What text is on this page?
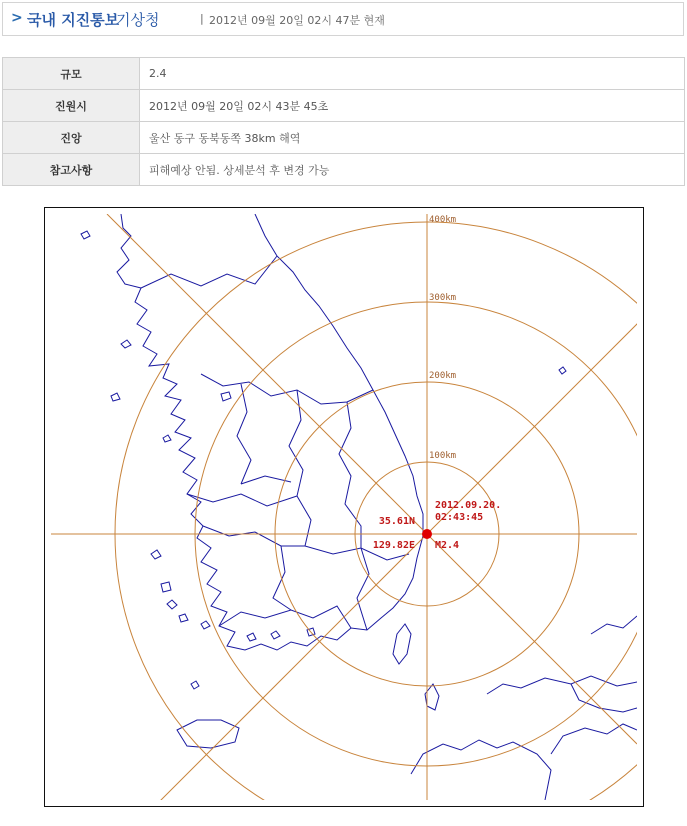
> 국내 지진통보
기상청	| 2012년 09월 20일 02시 47분 현재
규모	2.4
진원시	2012년 09월 20일 02시 43분 45초
진앙	울산 동구 동북동쪽 38km 해역
참고사항	피해예상 안됨. 상세분석 후 변경 가능
100km
200km
300km
400km
35.61N
129.82E
2012.09.20.
02:43:45
M2.4
